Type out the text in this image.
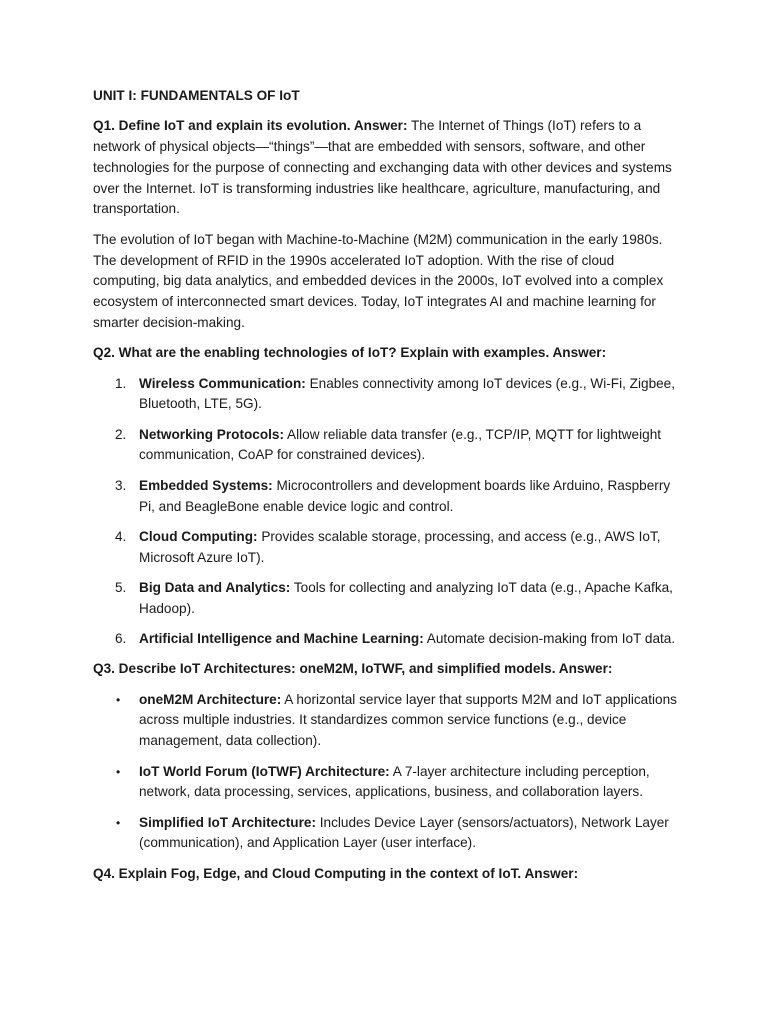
UNIT I: FUNDAMENTALS OF IoT

Q1. Define IoT and explain its evolution. Answer: The Internet of Things (IoT) refers to a network of physical objects—“things”—that are embedded with sensors, software, and other technologies for the purpose of connecting and exchanging data with other devices and systems over the Internet. IoT is transforming industries like healthcare, agriculture, manufacturing, and transportation.

The evolution of IoT began with Machine-to-Machine (M2M) communication in the early 1980s. The development of RFID in the 1990s accelerated IoT adoption. With the rise of cloud computing, big data analytics, and embedded devices in the 2000s, IoT evolved into a complex ecosystem of interconnected smart devices. Today, IoT integrates AI and machine learning for smarter decision-making.

Q2. What are the enabling technologies of IoT? Explain with examples. Answer:

1. Wireless Communication: Enables connectivity among IoT devices (e.g., Wi-Fi, Zigbee, Bluetooth, LTE, 5G).
2. Networking Protocols: Allow reliable data transfer (e.g., TCP/IP, MQTT for lightweight communication, CoAP for constrained devices).
3. Embedded Systems: Microcontrollers and development boards like Arduino, Raspberry Pi, and BeagleBone enable device logic and control.
4. Cloud Computing: Provides scalable storage, processing, and access (e.g., AWS IoT, Microsoft Azure IoT).
5. Big Data and Analytics: Tools for collecting and analyzing IoT data (e.g., Apache Kafka, Hadoop).
6. Artificial Intelligence and Machine Learning: Automate decision-making from IoT data.

Q3. Describe IoT Architectures: oneM2M, IoTWF, and simplified models. Answer:

• oneM2M Architecture: A horizontal service layer that supports M2M and IoT applications across multiple industries. It standardizes common service functions (e.g., device management, data collection).
• IoT World Forum (IoTWF) Architecture: A 7-layer architecture including perception, network, data processing, services, applications, business, and collaboration layers.
• Simplified IoT Architecture: Includes Device Layer (sensors/actuators), Network Layer (communication), and Application Layer (user interface).

Q4. Explain Fog, Edge, and Cloud Computing in the context of IoT. Answer:
